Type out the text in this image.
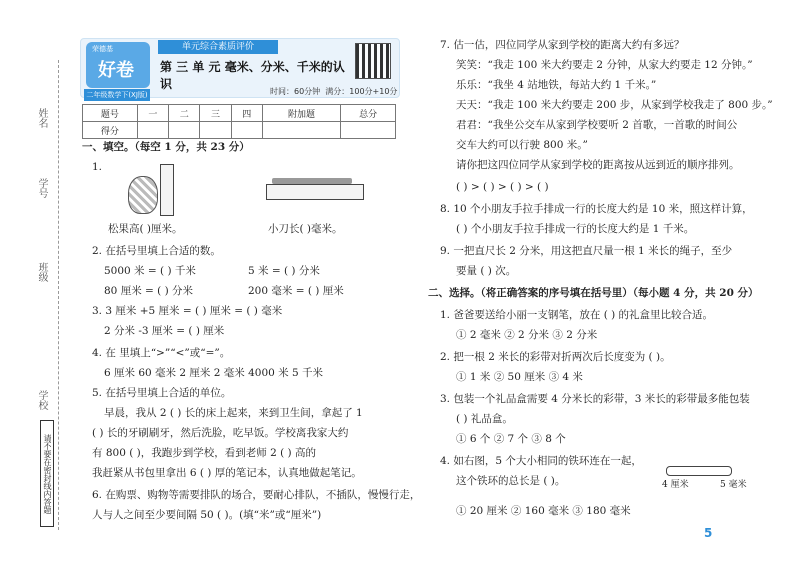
姓名
学号
班级
学校
请不要在密封线内答题
荣德基
好卷
单元综合素质评价
第 三 单 元 毫米、分米、千米的认识
二年级数学下(XJ版)	时间：60分钟 满分：100分+10分
题号	一	二	三	四	附加题	总分
得分						
一、填空。（每空 1 分，共 23 分）
1.
松果高( )厘米。	小刀长( )毫米。
2. 在括号里填上合适的数。
5000 米 = ( ) 千米	5 米 = ( ) 分米
80 厘米 = ( ) 分米	200 毫米 = ( ) 厘米
3. 3 厘米 +5 厘米 = ( ) 厘米 = ( ) 毫米
2 分米 -3 厘米 = ( ) 厘米
4. 在 里填上“>”“<”或“=”。
6 厘米 60 毫米 2 厘米 2 毫米 4000 米 5 千米
5. 在括号里填上合适的单位。
早晨，我从 2 ( ) 长的床上起来，来到卫生间，拿起了 1
( ) 长的牙刷刷牙，然后洗脸，吃早饭。学校离我家大约
有 800 ( )，我跑步到学校，看到老师 2 ( ) 高的
我赶紧从书包里拿出 6 ( ) 厚的笔记本，认真地做起笔记。
6. 在购票、购物等需要排队的场合，要耐心排队，不插队，慢慢行走，
人与人之间至少要间隔 50 ( )。(填“米”或“厘米”)
7. 估一估，四位同学从家到学校的距离大约有多远？
笑笑：“我走 100 米大约要走 2 分钟，从家大约要走 12 分钟。”
乐乐：“我坐 4 站地铁，每站大约 1 千米。”
天天：“我走 100 米大约要走 200 步，从家到学校我走了 800 步。”
君君：“我坐公交车从家到学校要听 2 首歌，一首歌的时间公
交车大约可以行驶 800 米。”
请你把这四位同学从家到学校的距离按从远到近的顺序排列。
( ) > ( ) > ( ) > ( )
8. 10 个小朋友手拉手排成一行的长度大约是 10 米，照这样计算，
( ) 个小朋友手拉手排成一行的长度大约是 1 千米。
9. 一把直尺长 2 分米，用这把直尺量一根 1 米长的绳子，至少
要量 ( ) 次。
二、选择。（将正确答案的序号填在括号里）（每小题 4 分，共 20 分）
1. 爸爸要送给小丽一支钢笔，放在 ( ) 的礼盒里比较合适。
① 2 毫米 ② 2 分米 ③ 2 分米
2. 把一根 2 米长的彩带对折两次后长度变为 ( )。
① 1 米 ② 50 厘米 ③ 4 米
3. 包装一个礼品盒需要 4 分米长的彩带，3 米长的彩带最多能包装
( ) 礼品盒。
① 6 个 ② 7 个 ③ 8 个
4. 如右图，5 个大小相同的铁环连在一起，
这个铁环的总长是 ( )。	4 厘米	5 毫米
① 20 厘米 ② 160 毫米 ③ 180 毫米
5
